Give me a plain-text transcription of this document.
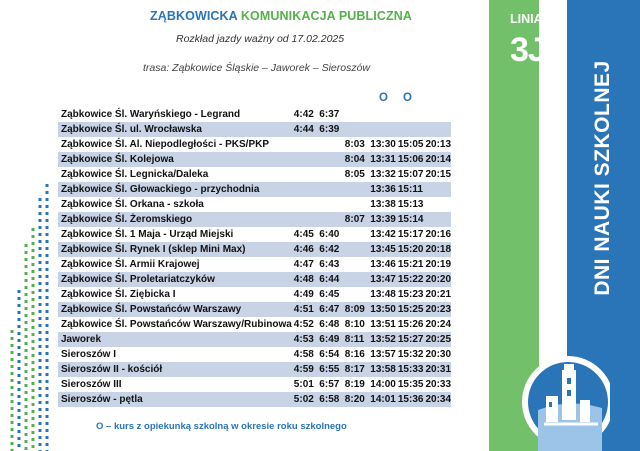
ZĄBKOWICKA KOMUNIKACJA PUBLICZNA
Rozkład jazdy ważny od 17.02.2025
trasa: Ząbkowice Śląskie – Jaworek – Sieroszów
O O
Ząbkowice Śl. Waryńskiego - Legrand	4:42	6:37				
Ząbkowice Śl. ul. Wrocławska	4:44	6:39				
Ząbkowice Śl. Al. Niepodległości - PKS/PKP			8:03	13:30	15:05	20:13
Ząbkowice Śl. Kolejowa			8:04	13:31	15:06	20:14
Ząbkowice Śl. Legnicka/Daleka			8:05	13:32	15:07	20:15
Ząbkowice Śl. Głowackiego - przychodnia				13:36	15:11	
Ząbkowice Śl. Orkana - szkoła				13:38	15:13	
Ząbkowice Śl. Żeromskiego			8:07	13:39	15:14	
Ząbkowice Śl. 1 Maja - Urząd Miejski	4:45	6:40		13:42	15:17	20:16
Ząbkowice Śl. Rynek I (sklep Mini Max)	4:46	6:42		13:45	15:20	20:18
Ząbkowice Śl. Armii Krajowej	4:47	6:43		13:46	15:21	20:19
Ząbkowice Śl. Proletariatczyków	4:48	6:44		13:47	15:22	20:20
Ząbkowice Śl. Ziębicka I	4:49	6:45		13:48	15:23	20:21
Ząbkowice Śl. Powstańców Warszawy	4:51	6:47	8:09	13:50	15:25	20:23
Ząbkowice Śl. Powstańców Warszawy/Rubinowa	4:52	6:48	8:10	13:51	15:26	20:24
Jaworek	4:53	6:49	8:11	13:52	15:27	20:25
Sieroszów I	4:58	6:54	8:16	13:57	15:32	20:30
Sieroszów II - kościół	4:59	6:55	8:17	13:58	15:33	20:31
Sieroszów III	5:01	6:57	8:19	14:00	15:35	20:33
Sieroszów - pętla	5:02	6:58	8:20	14:01	15:36	20:34
O – kurs z opiekunką szkolną w okresie roku szkolnego
LINIA
3J
DNI NAUKI SZKOLNEJ
